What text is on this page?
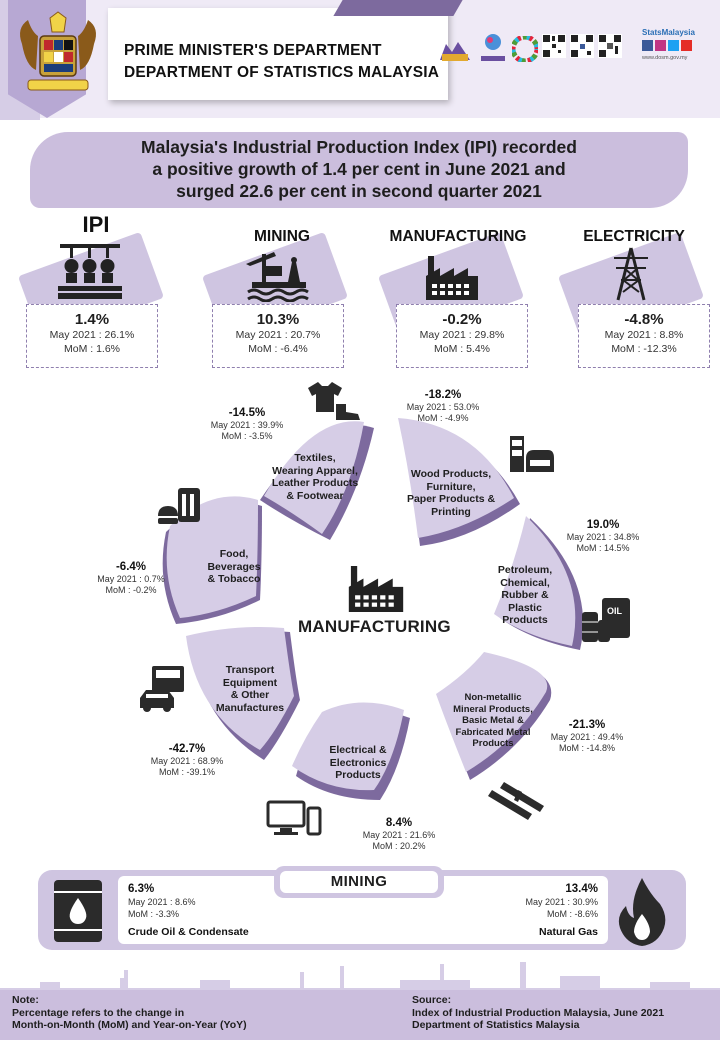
PRIME MINISTER'S DEPARTMENT
DEPARTMENT OF STATISTICS MALAYSIA
StatsMalaysia
www.dosm.gov.my
Malaysia's Industrial Production Index (IPI) recorded
a positive growth of 1.4 per cent in June 2021 and
surged 22.6 per cent in second quarter 2021
IPI
1.4%
May 2021 : 26.1%
MoM : 1.6%
MINING
10.3%
May 2021 : 20.7%
MoM : -6.4%
MANUFACTURING
-0.2%
May 2021 : 29.8%
MoM : 5.4%
ELECTRICITY
-4.8%
May 2021 : 8.8%
MoM : -12.3%
Textiles,
Wearing Apparel,
Leather Products
& Footwear
Wood Products,
Furniture,
Paper Products &
Printing
Petroleum,
Chemical,
Rubber &
Plastic
Products
Non-metallic
Mineral Products,
Basic Metal &
Fabricated Metal
Products
Electrical &
Electronics
Products
Transport
Equipment
& Other
Manufactures
Food,
Beverages
& Tobacco
-14.5%
May 2021 : 39.9%
MoM : -3.5%
-18.2%
May 2021 : 53.0%
MoM : -4.9%
19.0%
May 2021 : 34.8%
MoM : 14.5%
-21.3%
May 2021 : 49.4%
MoM : -14.8%
8.4%
May 2021 : 21.6%
MoM : 20.2%
-42.7%
May 2021 : 68.9%
MoM : -39.1%
-6.4%
May 2021 : 0.7%
MoM : -0.2%
MANUFACTURING
OIL
MINING
6.3%
May 2021 : 8.6%
MoM : -3.3%
Crude Oil & Condensate
13.4%
May 2021 : 30.9%
MoM : -8.6%
Natural Gas
Note:
Percentage refers to the change in
Month-on-Month (MoM) and Year-on-Year (YoY)
Source:
Index of Industrial Production Malaysia, June 2021
Department of Statistics Malaysia
